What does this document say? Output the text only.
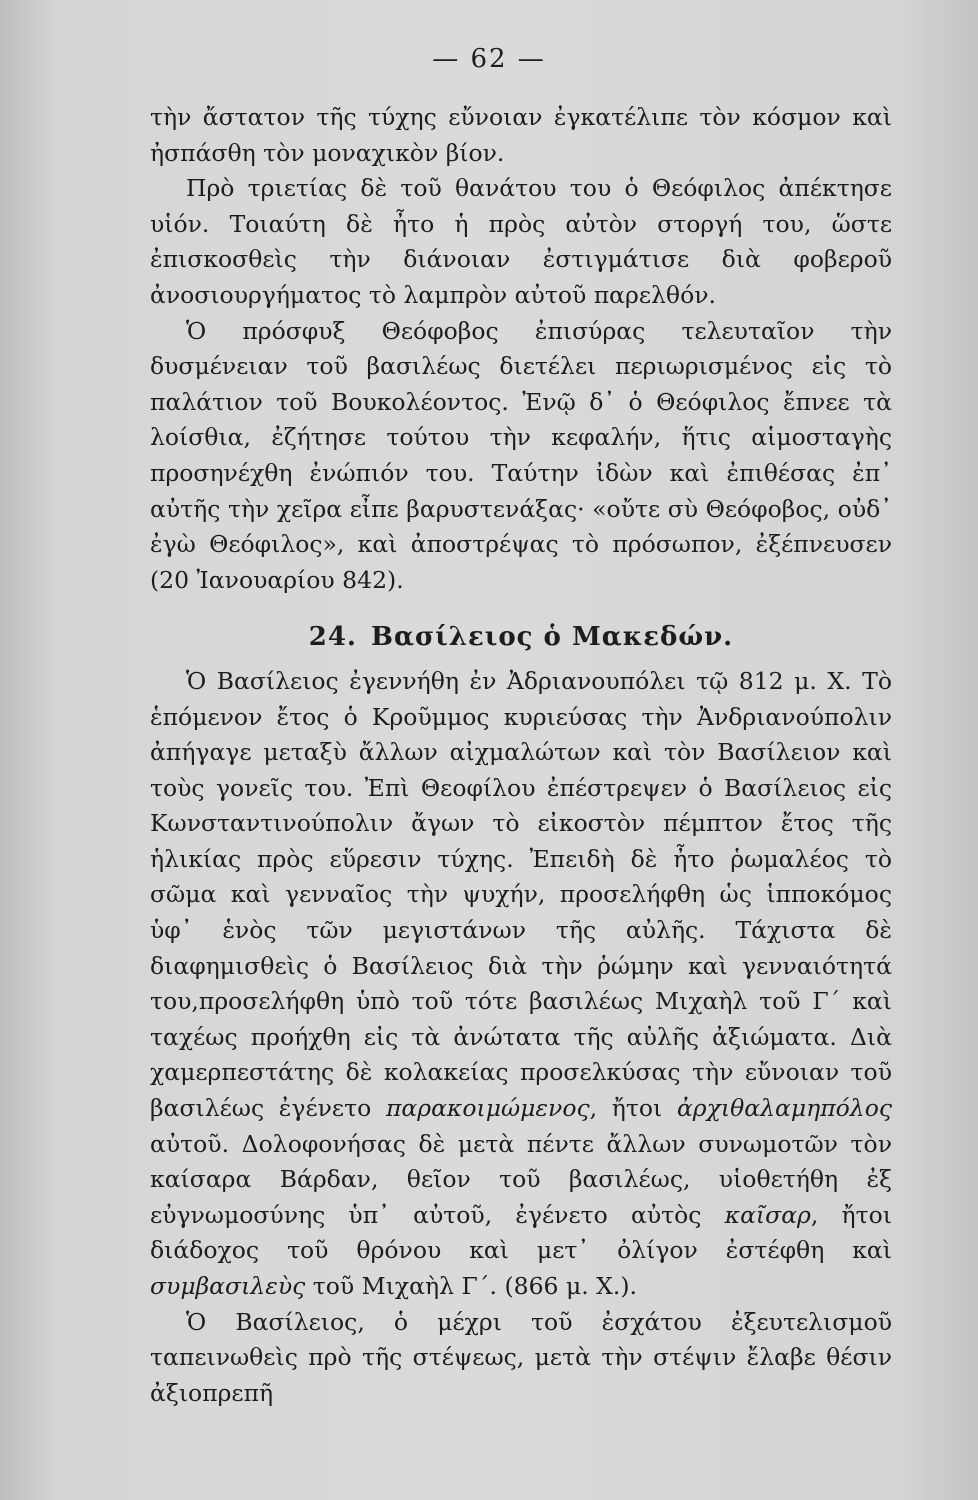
— 62 —

τὴν ἄστατον τῆς τύχης εὔνοιαν ἐγκατέλιπε τὸν κόσμον καὶ ἠσπάσθη τὸν μοναχικὸν βίον.

Πρὸ τριετίας δὲ τοῦ θανάτου του ὁ Θεόφιλος ἀπέκτησε υἱόν. Τοιαύτη δὲ ἦτο ἡ πρὸς αὐτὸν στοργή του, ὥστε ἐπισκοσθεὶς τὴν διάνοιαν ἐστιγμάτισε διὰ φοβεροῦ ἀνοσιουργήματος τὸ λαμπρὸν αὐτοῦ παρελθόν.

Ὁ πρόσφυξ Θεόφοβος ἐπισύρας τελευταῖον τὴν δυσμένειαν τοῦ βασιλέως διετέλει περιωρισμένος εἰς τὸ παλάτιον τοῦ Βουκολέοντος. Ἐνῷ δ᾿ ὁ Θεόφιλος ἔπνεε τὰ λοίσθια, ἐζήτησε τούτου τὴν κεφαλήν, ἥτις αἱμοσταγὴς προσηνέχθη ἐνώπιόν του. Ταύτην ἰδὼν καὶ ἐπιθέσας ἐπ᾿ αὐτῆς τὴν χεῖρα εἶπε βαρυστενάξας· «οὔτε σὺ Θεόφοβος, οὐδ᾿ ἐγὼ Θεόφιλος», καὶ ἀποστρέψας τὸ πρόσωπον, ἐξέπνευσεν (20 Ἰανουαρίου 842).

24. Βασίλειος ὁ Μακεδών.

Ὁ Βασίλειος ἐγεννήθη ἐν Ἀδριανουπόλει τῷ 812 μ. Χ. Τὸ ἑπόμενον ἔτος ὁ Κροῦμμος κυριεύσας τὴν Ἀνδριανούπολιν ἀπήγαγε μεταξὺ ἄλλων αἰχμαλώτων καὶ τὸν Βασίλειον καὶ τοὺς γονεῖς του. Ἐπὶ Θεοφίλου ἐπέστρεψεν ὁ Βασίλειος εἰς Κωνσταντινούπολιν ἄγων τὸ εἰκοστὸν πέμπτον ἔτος τῆς ἡλικίας πρὸς εὕρεσιν τύχης. Ἐπειδὴ δὲ ἦτο ῥωμαλέος τὸ σῶμα καὶ γενναῖος τὴν ψυχήν, προσελήφθη ὡς ἱπποκόμος ὑφ᾿ ἑνὸς τῶν μεγιστάνων τῆς αὐλῆς. Τάχιστα δὲ διαφημισθεὶς ὁ Βασίλειος διὰ τὴν ῥώμην καὶ γενναιότητά του,προσελήφθη ὑπὸ τοῦ τότε βασιλέως Μιχαὴλ τοῦ Γ΄ καὶ ταχέως προήχθη εἰς τὰ ἀνώτατα τῆς αὐλῆς ἀξιώματα. Διὰ χαμερπεστάτης δὲ κολακείας προσελκύσας τὴν εὔνοιαν τοῦ βασιλέως ἐγένετο παρακοιμώμενος, ἤτοι ἀρχιθαλαμηπόλος αὐτοῦ. Δολοφονήσας δὲ μετὰ πέντε ἄλλων συνωμοτῶν τὸν καίσαρα Βάρδαν, θεῖον τοῦ βασιλέως, υἱοθετήθη ἐξ εὐγνωμοσύνης ὑπ᾿ αὐτοῦ, ἐγένετο αὐτὸς καῖσαρ, ἤτοι διάδοχος τοῦ θρόνου καὶ μετ᾿ ὀλίγον ἐστέφθη καὶ συμβασιλεὺς τοῦ Μιχαὴλ Γ΄. (866 μ. Χ.).

Ὁ Βασίλειος, ὁ μέχρι τοῦ ἐσχάτου ἐξευτελισμοῦ ταπεινωθεὶς πρὸ τῆς στέψεως, μετὰ τὴν στέψιν ἔλαβε θέσιν ἀξιοπρεπῆ
